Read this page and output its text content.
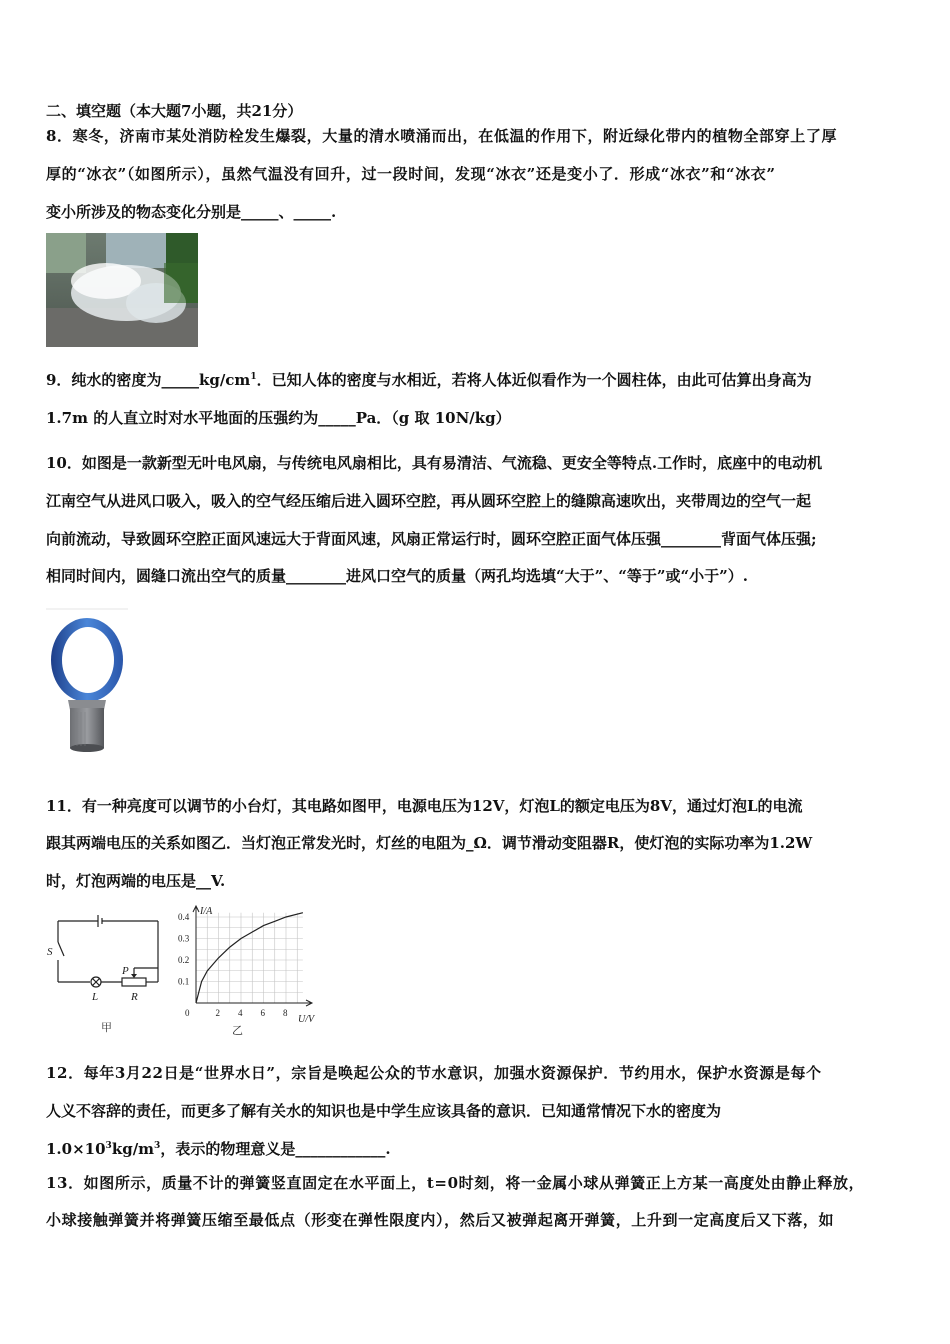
二、填空题（本大题7小题，共21分）
8．寒冬，济南市某处消防栓发生爆裂，大量的清水喷涌而出，在低温的作用下，附近绿化带内的植物全部穿上了厚
厚的“冰衣”（如图所示），虽然气温没有回升，过一段时间，发现“冰衣”还是变小了．形成“冰衣”和“冰衣”
变小所涉及的物态变化分别是_____、_____.
9．纯水的密度为$\_\_\_\_\_kg/cm^1$．已知人体的密度与水相近，若将人体近似看作为一个圆柱体，由此可估算出身高为
1.7m 的人直立时对水平地面的压强约为_____Pa．（g 取 10N/kg）
10．如图是一款新型无叶电风扇，与传统电风扇相比，具有易清洁、气流稳、更安全等特点.工作时，底座中的电动机
江南空气从进风口吸入，吸入的空气经压缩后进入圆环空腔，再从圆环空腔上的缝隙高速吹出，夹带周边的空气一起
向前流动，导致圆环空腔正面风速远大于背面风速，风扇正常运行时，圆环空腔正面气体压强________背面气体压强;
相同时间内，圆缝口流出空气的质量________进风口空气的质量（两孔均选填“大于”、“等于”或“小于”）.
11．有一种亮度可以调节的小台灯，其电路如图甲，电源电压为12V，灯泡L的额定电压为8V，通过灯泡L的电流
跟其两端电压的关系如图乙．当灯泡正常发光时，灯丝的电阻为_Ω．调节滑动变阻器R，使灯泡的实际功率为1.2W
时，灯泡两端的电压是__V.
S
L	R
P
甲
I/A
U/V
0	2 4 6 8
0.4
0.3
0.2
0.1
乙
12．每年3月22日是“世界水日”，宗旨是唤起公众的节水意识，加强水资源保护．节约用水，保护水资源是每个
人义不容辞的责任，而更多了解有关水的知识也是中学生应该具备的意识．已知通常情况下水的密度为
$1.0\times 10^3kg/m^3$，表示的物理意义是____________.
13．如图所示，质量不计的弹簧竖直固定在水平面上，t=0时刻，将一金属小球从弹簧正上方某一高度处由静止释放，
小球接触弹簧并将弹簧压缩至最低点（形变在弹性限度内），然后又被弹起离开弹簧，上升到一定高度后又下落，如
